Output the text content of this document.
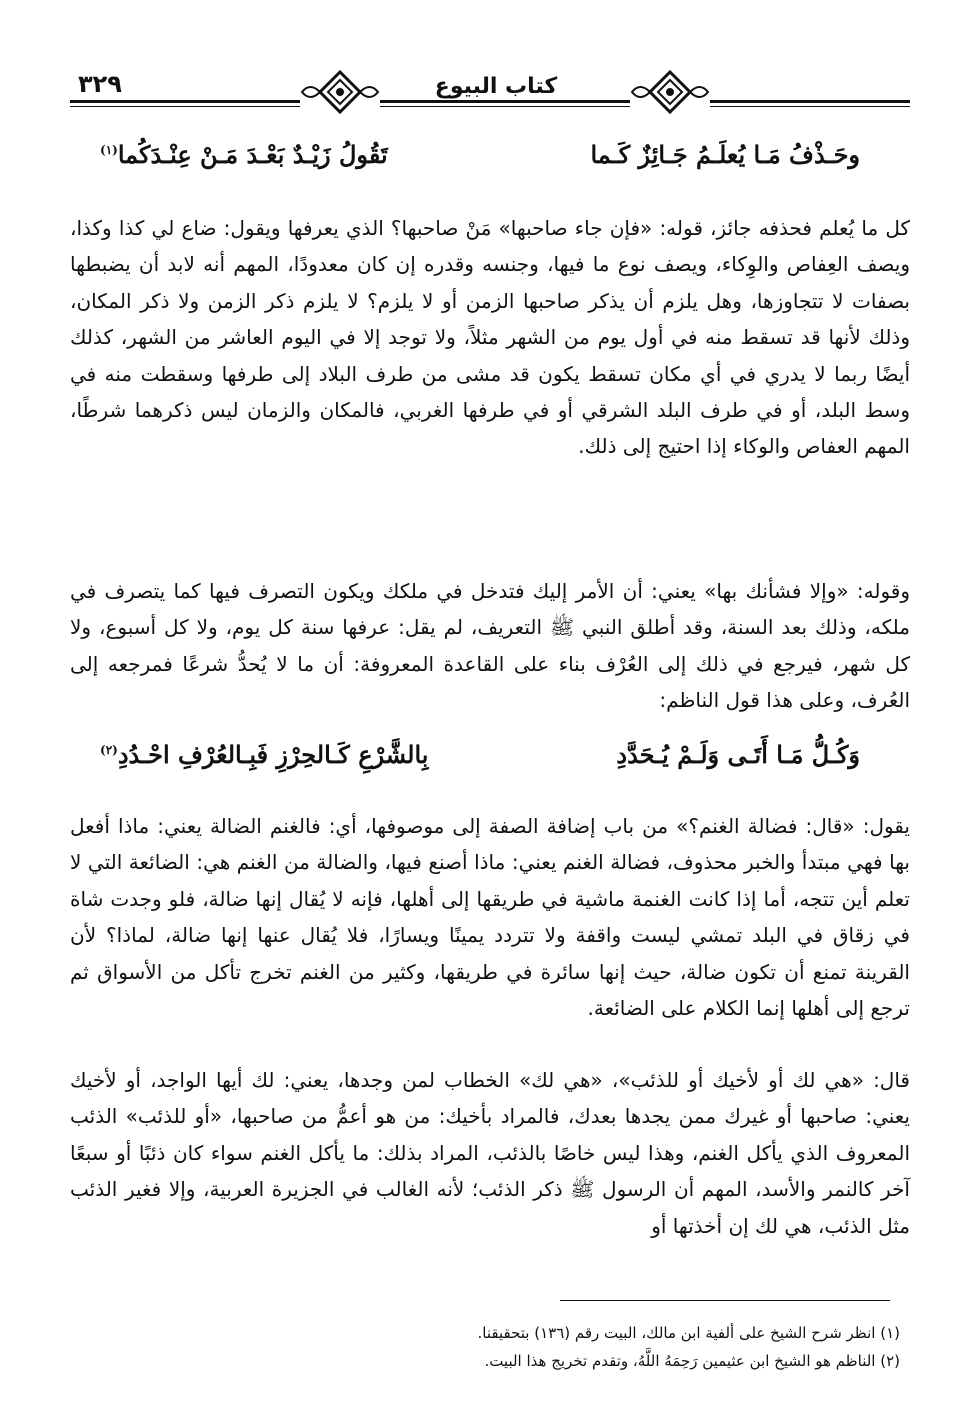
٣٢٩	كتاب البيوع
وحَـذْفُ مَـا يُعلَـمُ جَـائِزٌ كَـما
تَقُولُ زَيْـدٌ بَعْـدَ مَـنْ عِنْـدَكُما$^{(١)}$
كل ما يُعلم فحذفه جائز، قوله: «فإن جاء صاحبها» مَنْ صاحبها؟ الذي يعرفها ويقول: ضاع لي كذا وكذا، ويصف العِفاص والوِكاء، ويصف نوع ما فيها، وجنسه وقدره إن كان معدودًا، المهم أنه لابد أن يضبطها بصفات لا تتجاوزها، وهل يلزم أن يذكر صاحبها الزمن أو لا يلزم؟ لا يلزم ذكر الزمن ولا ذكر المكان، وذلك لأنها قد تسقط منه في أول يوم من الشهر مثلاً، ولا توجد إلا في اليوم العاشر من الشهر، كذلك أيضًا ربما لا يدري في أي مكان تسقط يكون قد مشى من طرف البلاد إلى طرفها وسقطت منه في وسط البلد، أو في طرف البلد الشرقي أو في طرفها الغربي، فالمكان والزمان ليس ذكرهما شرطًا، المهم العفاص والوكاء إذا احتيج إلى ذلك.
وقوله: «وإلا فشأنك بها» يعني: أن الأمر إليك فتدخل في ملكك ويكون التصرف فيها كما يتصرف في ملكه، وذلك بعد السنة، وقد أطلق النبي ﷺ التعريف، لم يقل: عرفها سنة كل يوم، ولا كل أسبوع، ولا كل شهر، فيرجع في ذلك إلى العُرْف بناء على القاعدة المعروفة: أن ما لا يُحدُّ شرعًا فمرجعه إلى العُرف، وعلى هذا قول الناظم:
وَكُـلُّ مَـا أَتَـى وَلَـمْ يُـحَدَّدِ
بِالشَّرْعِ كَـالحِرْزِ فَبِـالعُرْفِ احْـدُدِ$^{(٢)}$
يقول: «قال: فضالة الغنم؟» من باب إضافة الصفة إلى موصوفها، أي: فالغنم الضالة يعني: ماذا أفعل بها فهي مبتدأ والخبر محذوف، فضالة الغنم يعني: ماذا أصنع فيها، والضالة من الغنم هي: الضائعة التي لا تعلم أين تتجه، أما إذا كانت الغنمة ماشية في طريقها إلى أهلها، فإنه لا يُقال إنها ضالة، فلو وجدت شاة في زقاق في البلد تمشي ليست واقفة ولا تتردد يمينًا ويسارًا، فلا يُقال عنها إنها ضالة، لماذا؟ لأن القرينة تمنع أن تكون ضالة، حيث إنها سائرة في طريقها، وكثير من الغنم تخرج تأكل من الأسواق ثم ترجع إلى أهلها إنما الكلام على الضائعة.
قال: «هي لك أو لأخيك أو للذئب»، «هي لك» الخطاب لمن وجدها، يعني: لك أيها الواجد، أو لأخيك يعني: صاحبها أو غيرك ممن يجدها بعدك، فالمراد بأخيك: من هو أعمُّ من صاحبها، «أو للذئب» الذئب المعروف الذي يأكل الغنم، وهذا ليس خاصًا بالذئب، المراد بذلك: ما يأكل الغنم سواء كان ذئبًا أو سبعًا آخر كالنمر والأسد، المهم أن الرسول ﷺ ذكر الذئب؛ لأنه الغالب في الجزيرة العربية، وإلا فغير الذئب مثل الذئب، هي لك إن أخذتها أو
(١) انظر شرح الشيخ على ألفية ابن مالك، البيت رقم (١٣٦) بتحقيقنا.
(٢) الناظم هو الشيخ ابن عثيمين رَحِمَهُ اللَّهُ، وتقدم تخريج هذا البيت.
